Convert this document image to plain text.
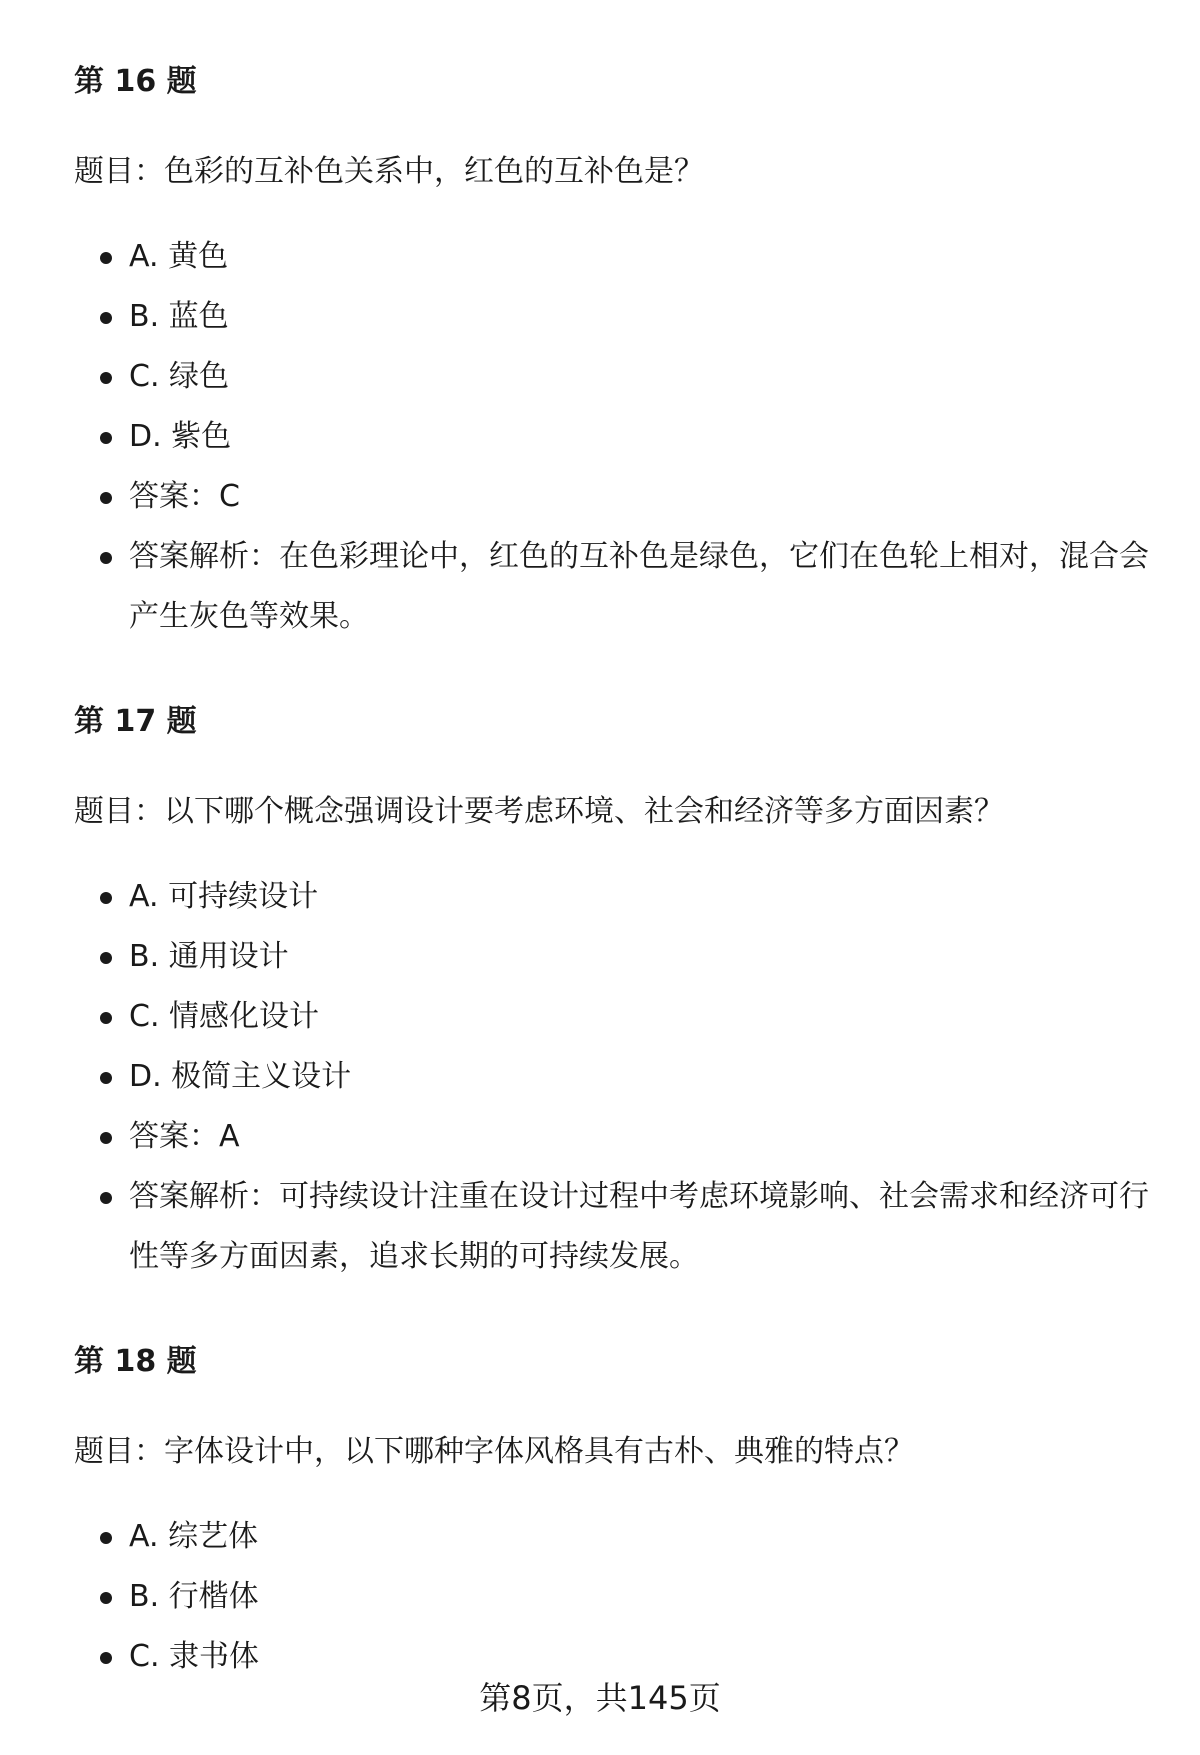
第 16 题
题目：色彩的互补色关系中，红色的互补色是？
A. 黄色
B. 蓝色
C. 绿色
D. 紫色
答案：C
答案解析：在色彩理论中，红色的互补色是绿色，它们在色轮上相对，混合会产生灰色等效果。
第 17 题
题目：以下哪个概念强调设计要考虑环境、社会和经济等多方面因素？
A. 可持续设计
B. 通用设计
C. 情感化设计
D. 极简主义设计
答案：A
答案解析：可持续设计注重在设计过程中考虑环境影响、社会需求和经济可行性等多方面因素，追求长期的可持续发展。
第 18 题
题目：字体设计中，以下哪种字体风格具有古朴、典雅的特点？
A. 综艺体
B. 行楷体
C. 隶书体
第8页，共145页
